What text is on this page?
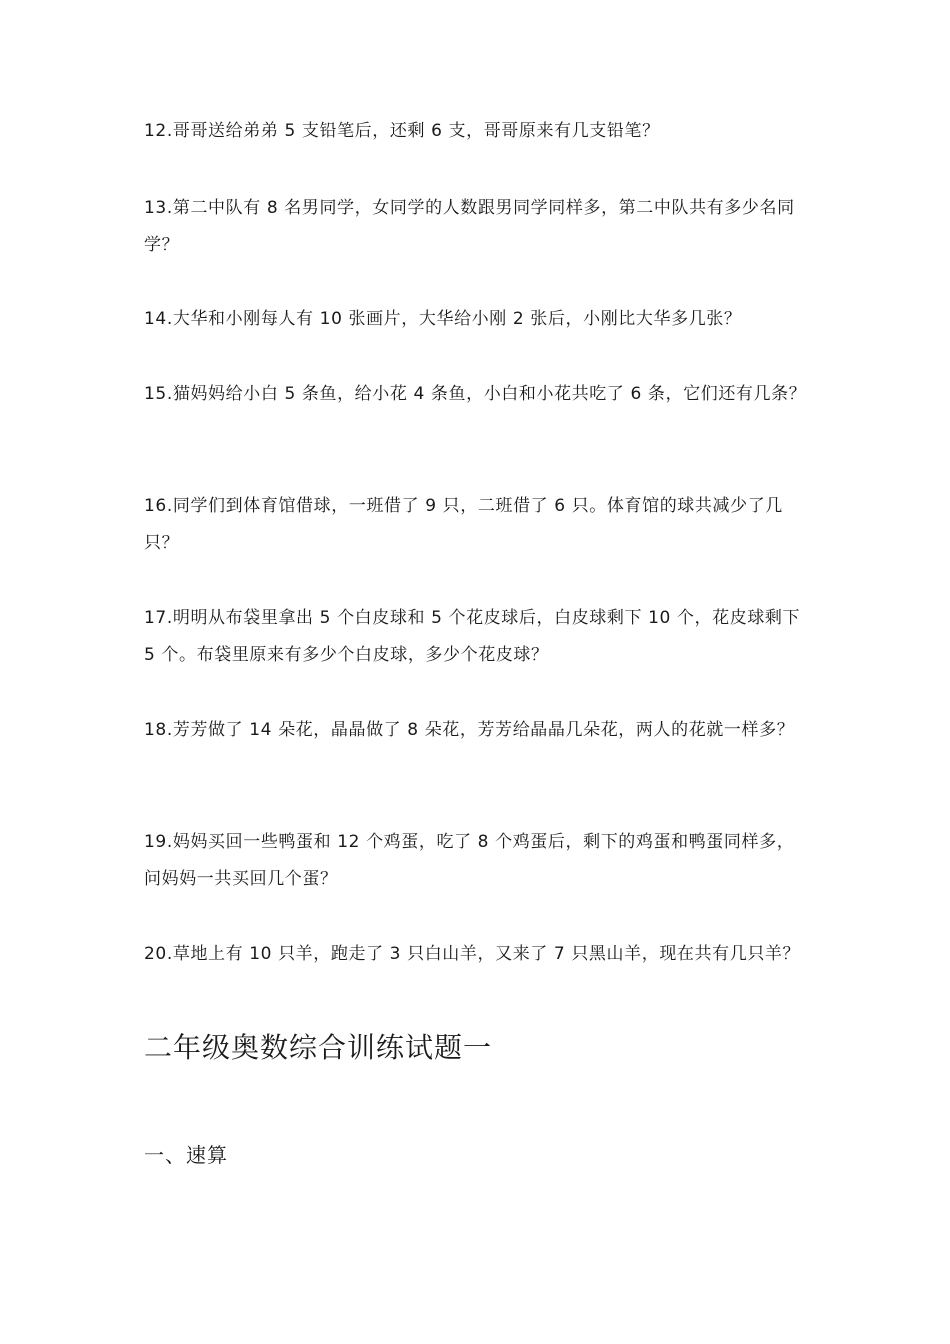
12.哥哥送给弟弟 5 支铅笔后，还剩 6 支，哥哥原来有几支铅笔？

13.第二中队有 8 名男同学，女同学的人数跟男同学同样多，第二中队共有多少名同学？

14.大华和小刚每人有 10 张画片，大华给小刚 2 张后，小刚比大华多几张？

15.猫妈妈给小白 5 条鱼，给小花 4 条鱼，小白和小花共吃了 6 条，它们还有几条？

16.同学们到体育馆借球，一班借了 9 只，二班借了 6 只。体育馆的球共减少了几只？

17.明明从布袋里拿出 5 个白皮球和 5 个花皮球后，白皮球剩下 10 个，花皮球剩下 5 个。布袋里原来有多少个白皮球，多少个花皮球？

18.芳芳做了 14 朵花，晶晶做了 8 朵花，芳芳给晶晶几朵花，两人的花就一样多？

19.妈妈买回一些鸭蛋和 12 个鸡蛋，吃了 8 个鸡蛋后，剩下的鸡蛋和鸭蛋同样多，问妈妈一共买回几个蛋？

20.草地上有 10 只羊，跑走了 3 只白山羊，又来了 7 只黑山羊，现在共有几只羊？

二年级奥数综合训练试题一
一、速算
